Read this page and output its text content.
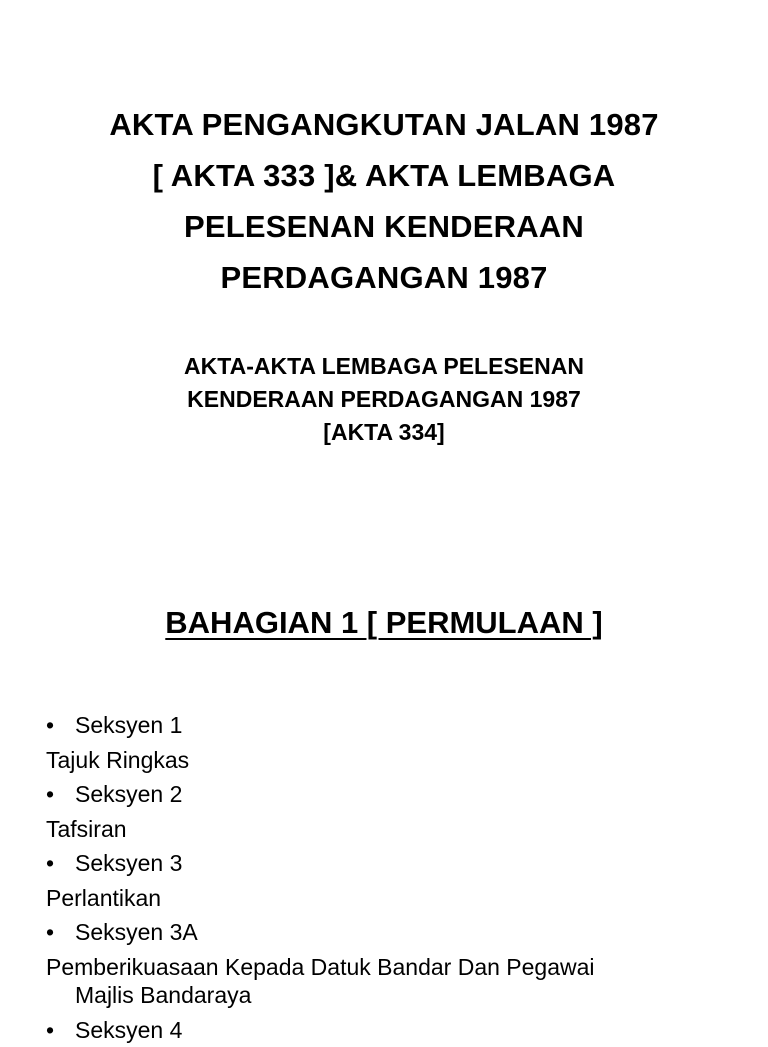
AKTA PENGANGKUTAN JALAN 1987
[ AKTA 333 ]& AKTA LEMBAGA
PELESENAN KENDERAAN
PERDAGANGAN 1987
AKTA-AKTA LEMBAGA PELESENAN
KENDERAAN PERDAGANGAN 1987
[AKTA 334]
BAHAGIAN 1 [ PERMULAAN ]
• Seksyen 1
Tajuk Ringkas
• Seksyen 2
Tafsiran
• Seksyen 3
Perlantikan
• Seksyen 3A
Pemberikuasaan Kepada Datuk Bandar Dan Pegawai
Majlis Bandaraya
• Seksyen 4
